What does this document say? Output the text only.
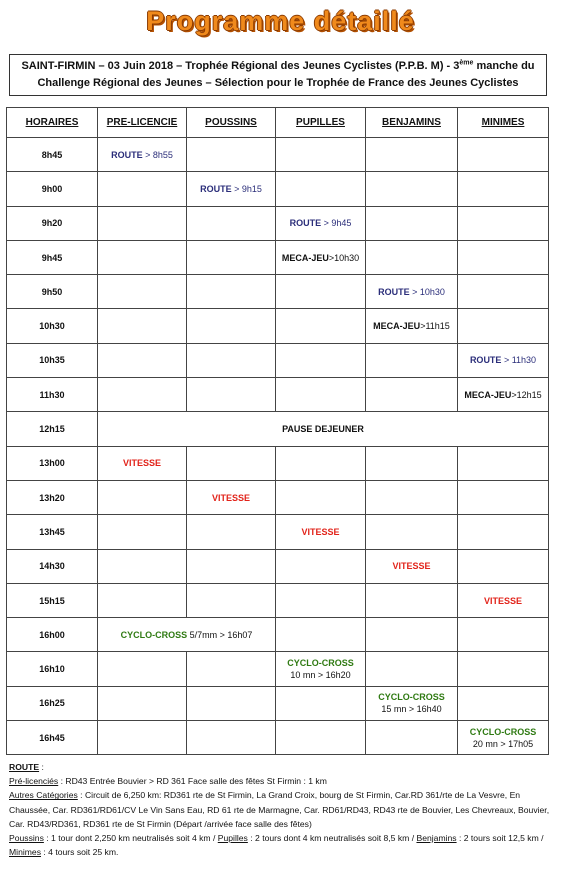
Programme détaillé
SAINT-FIRMIN – 03 Juin 2018 – Trophée Régional des Jeunes Cyclistes (P.P.B. M) - 3ème manche du
Challenge Régional des Jeunes – Sélection pour le Trophée de France des Jeunes Cyclistes
HORAIRES	PRE-LICENCIE	POUSSINS	PUPILLES	BENJAMINS	MINIMES
8h45	ROUTE > 8h55				
9h00		ROUTE > 9h15			
9h20			ROUTE > 9h45		
9h45			MECA-JEU>10h30		
9h50				ROUTE > 10h30	
10h30				MECA-JEU>11h15	
10h35					ROUTE > 11h30
11h30					MECA-JEU>12h15
12h15	PAUSE DEJEUNER				
13h00	VITESSE				
13h20		VITESSE			
13h45			VITESSE		
14h30				VITESSE	
15h15					VITESSE
16h00	CYCLO-CROSS 5/7mm > 16h07				
16h10			CYCLO-CROSS
10 mn > 16h20		
16h25				CYCLO-CROSS
15 mn > 16h40	
16h45					CYCLO-CROSS
20 mn > 17h05
ROUTE :
Pré-licenciés : RD43 Entrée Bouvier > RD 361 Face salle des fêtes St Firmin : 1 km
Autres Catégories : Circuit de 6,250 km: RD361 rte de St Firmin, La Grand Croix, bourg de St Firmin, Car.RD 361/rte de La Vesvre, En Chaussée, Car. RD361/RD61/CV Le Vin Sans Eau, RD 61 rte de Marmagne, Car. RD61/RD43, RD43 rte de Bouvier, Les Chevreaux, Bouvier, Car. RD43/RD361, RD361 rte de St Firmin (Départ /arrivée face salle des fêtes)
Poussins : 1 tour dont 2,250 km neutralisés soit 4 km / Pupilles : 2 tours dont 4 km neutralisés soit 8,5 km / Benjamins : 2 tours soit 12,5 km / Minimes : 4 tours soit 25 km.
